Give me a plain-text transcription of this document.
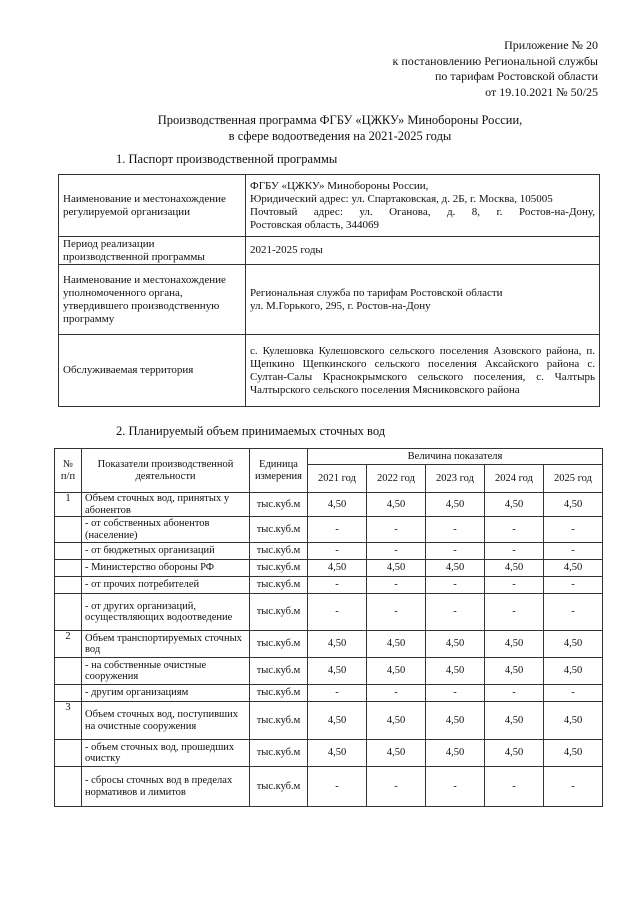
Приложение № 20
к постановлению Региональной службы
по тарифам Ростовской области
от 19.10.2021 № 50/25
Производственная программа ФГБУ «ЦЖКУ» Минобороны России,
в сфере водоотведения на 2021-2025 годы
1. Паспорт производственной программы
Наименование и местонахождение регулируемой организации	ФГБУ «ЦЖКУ» Минобороны России,
Юридический адрес: ул. Спартаковская, д. 2Б, г. Москва, 105005
Почтовый адрес: ул. Оганова, д. 8, г. Ростов-на-Дону,
Ростовская область, 344069

Период реализации производственной программы	2021-2025 годы
Наименование и местонахождение уполномоченного органа, утвердившего производственную программу	Региональная служба по тарифам Ростовской области
ул. М.Горького, 295, г. Ростов-на-Дону

Обслуживаемая территория	с. Кулешовка Кулешовского сельского поселения Азовского района, п. Щепкино Щепкинского сельского поселения Аксайского района с. Султан-Салы Краснокрымского сельского поселения, с. Чалтырь Чалтырского сельского поселения Мясниковского района
2. Планируемый объем принимаемых сточных вод
№ п/п	Показатели производственной деятельности	Единица измерения	Величина показателя				
			2021 год	2022 год	2023 год	2024 год	2025 год
1	Объем сточных вод, принятых у абонентов	тыс.куб.м	4,50	4,50	4,50	4,50	4,50
	- от собственных абонентов (население)	тыс.куб.м	-	-	-	-	-
	- от бюджетных организаций	тыс.куб.м	-	-	-	-	-
	- Министерство обороны РФ	тыс.куб.м	4,50	4,50	4,50	4,50	4,50
	- от прочих потребителей	тыс.куб.м	-	-	-	-	-
	- от других организаций, осуществляющих водоотведение	тыс.куб.м	-	-	-	-	-
2	Объем транспортируемых сточных вод	тыс.куб.м	4,50	4,50	4,50	4,50	4,50
	- на собственные очистные сооружения	тыс.куб.м	4,50	4,50	4,50	4,50	4,50
	- другим организациям	тыс.куб.м	-	-	-	-	-
3	Объем сточных вод, поступивших на очистные сооружения	тыс.куб.м	4,50	4,50	4,50	4,50	4,50
	- объем сточных вод, прошедших очистку	тыс.куб.м	4,50	4,50	4,50	4,50	4,50
	- сбросы сточных вод в пределах нормативов и лимитов	тыс.куб.м	-	-	-	-	-
